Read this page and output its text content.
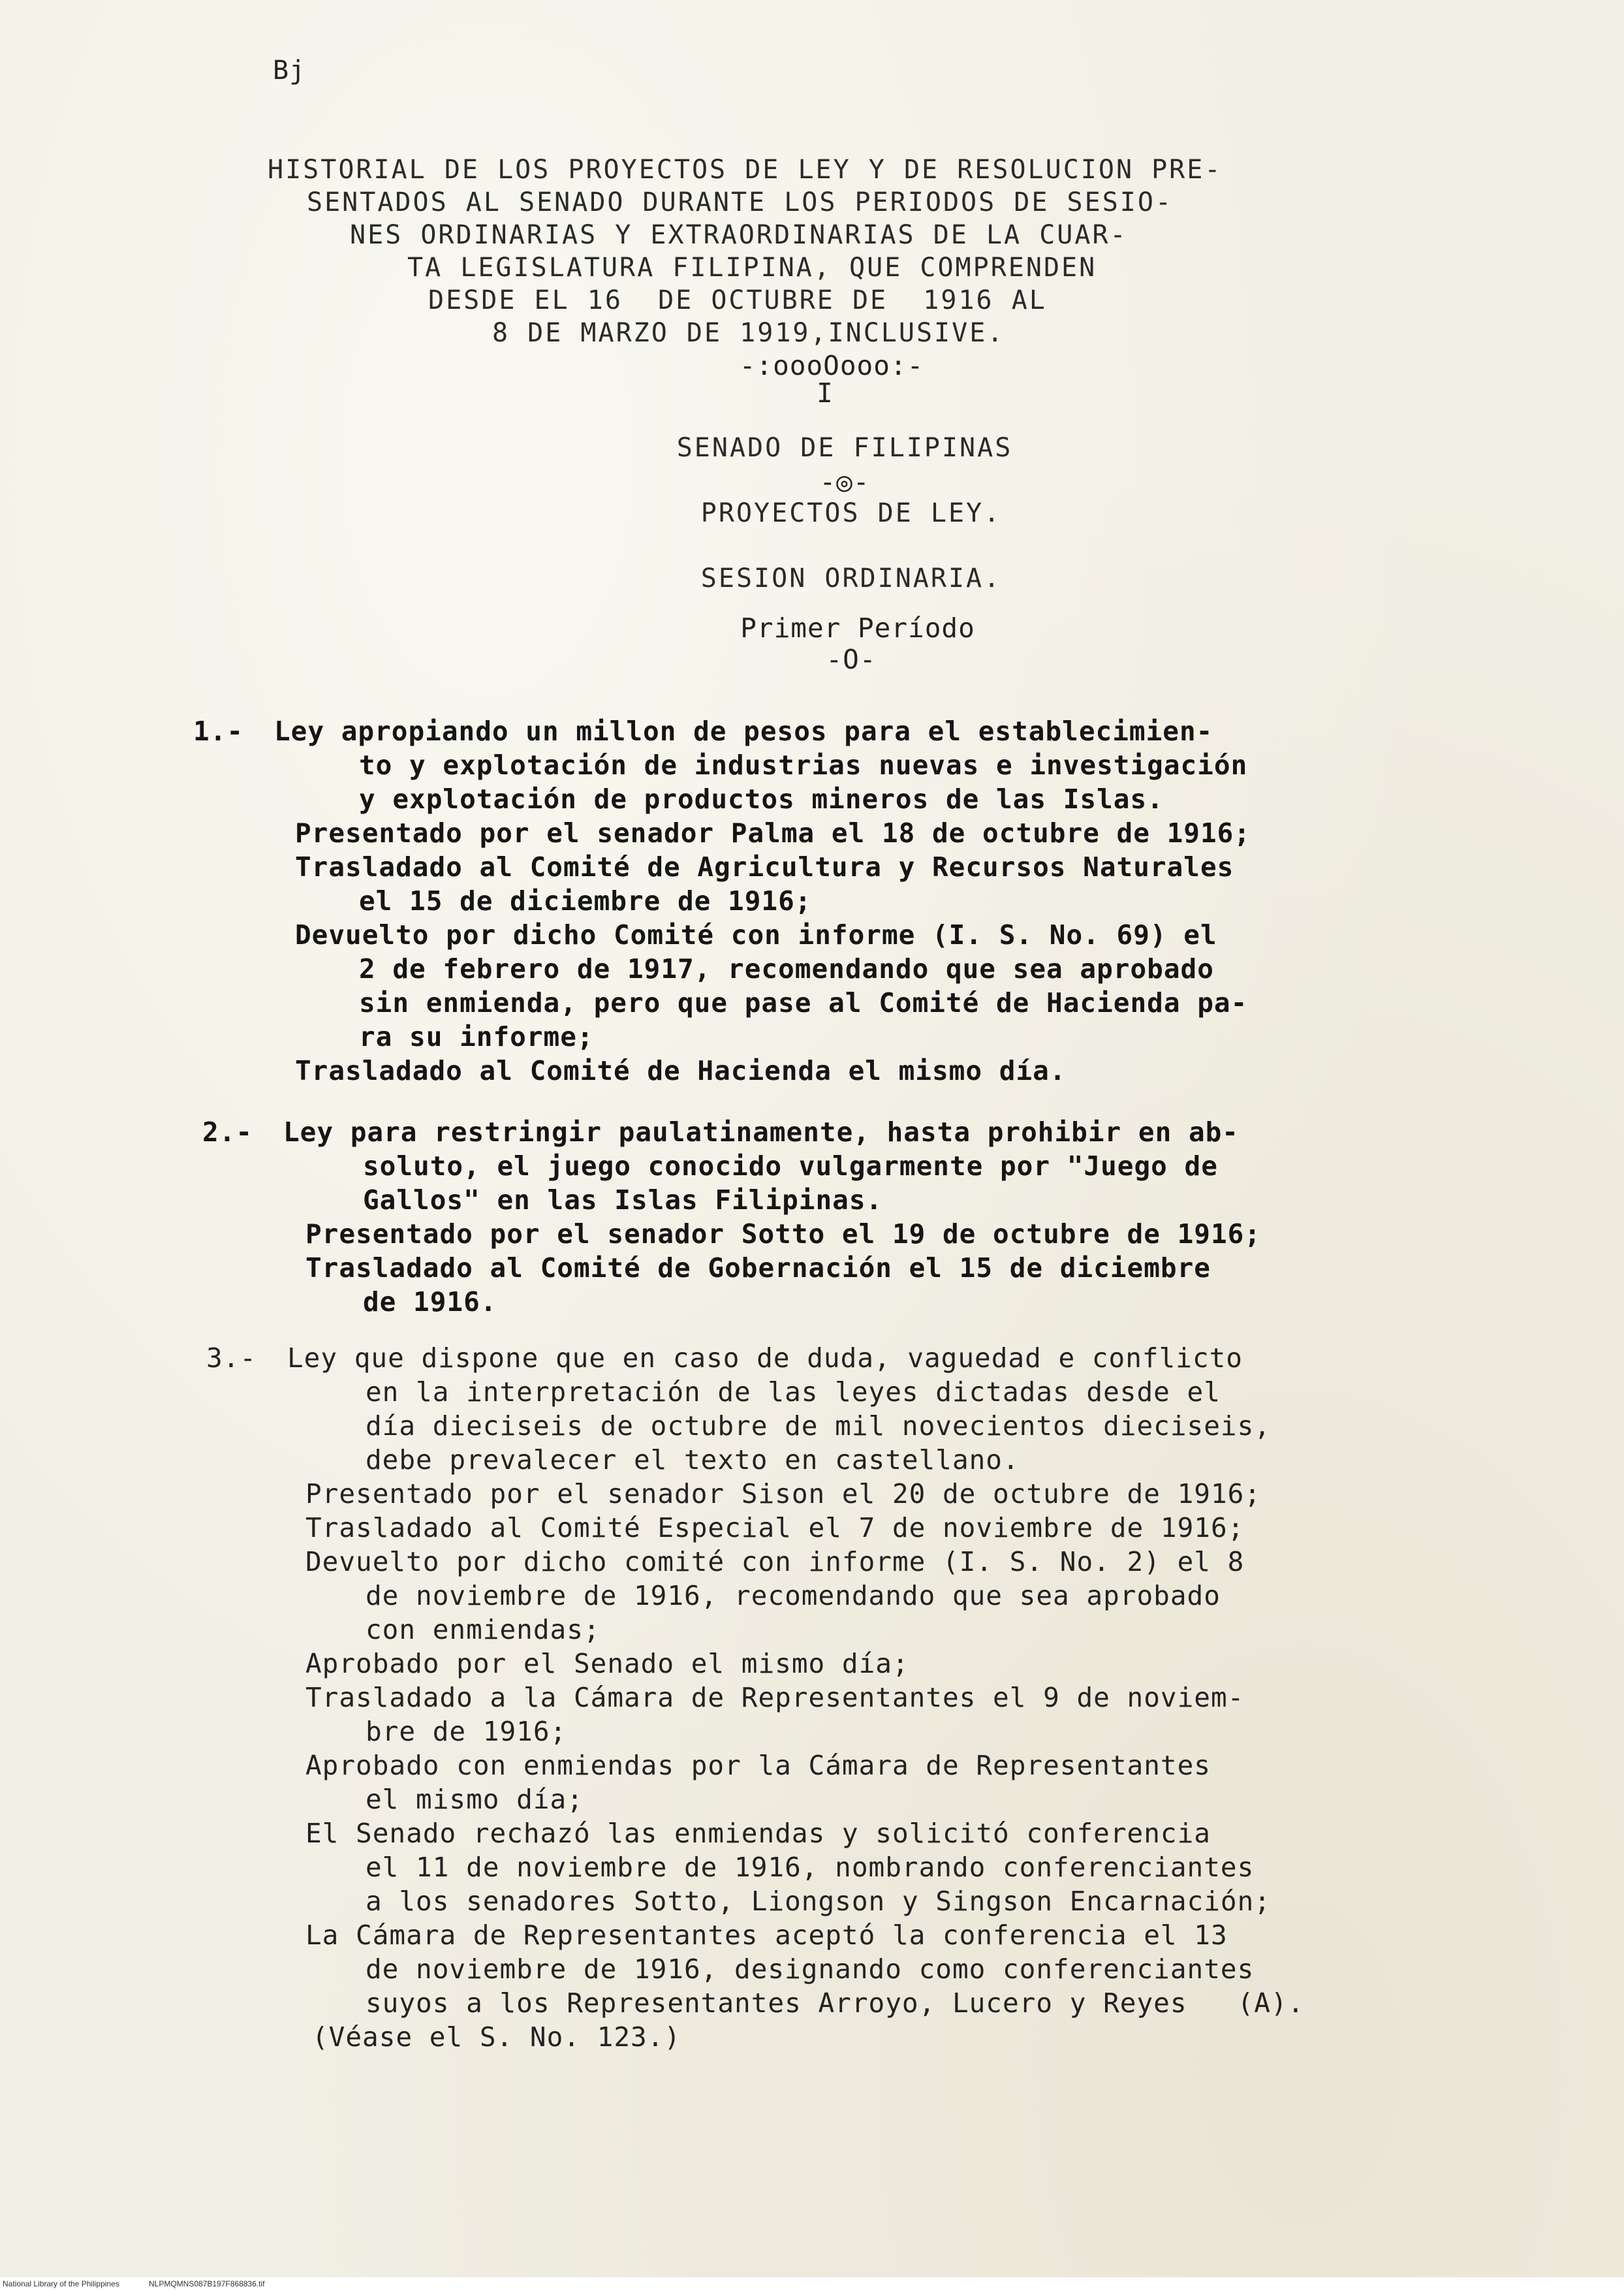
Bj
HISTORIAL DE LOS PROYECTOS DE LEY Y DE RESOLUCION PRE-
SENTADOS AL SENADO DURANTE LOS PERIODOS DE SESIO-
NES ORDINARIAS Y EXTRAORDINARIAS DE LA CUAR-
TA LEGISLATURA FILIPINA, QUE COMPRENDEN
DESDE EL 16  DE OCTUBRE DE  1916 AL
8 DE MARZO DE 1919,INCLUSIVE.
-:oooOooo:-
I
SENADO DE FILIPINAS
-◎-
PROYECTOS DE LEY.
SESION ORDINARIA.
Primer Período
-O-
1.- Ley apropiando un millon de pesos para el establecimien-
to y explotación de industrias nuevas e investigación
y explotación de productos mineros de las Islas.
Presentado por el senador Palma el 18 de octubre de 1916;
Trasladado al Comité de Agricultura y Recursos Naturales
el 15 de diciembre de 1916;
Devuelto por dicho Comité con informe (I. S. No. 69) el
2 de febrero de 1917, recomendando que sea aprobado
sin enmienda, pero que pase al Comité de Hacienda pa-
ra su informe;
Trasladado al Comité de Hacienda el mismo día.
2.- Ley para restringir paulatinamente, hasta prohibir en ab-
soluto, el juego conocido vulgarmente por "Juego de
Gallos" en las Islas Filipinas.
Presentado por el senador Sotto el 19 de octubre de 1916;
Trasladado al Comité de Gobernación el 15 de diciembre
de 1916.
3.- Ley que dispone que en caso de duda, vaguedad e conflicto
en la interpretación de las leyes dictadas desde el
día dieciseis de octubre de mil novecientos dieciseis,
debe prevalecer el texto en castellano.
Presentado por el senador Sison el 20 de octubre de 1916;
Trasladado al Comité Especial el 7 de noviembre de 1916;
Devuelto por dicho comité con informe (I. S. No. 2) el 8
de noviembre de 1916, recomendando que sea aprobado
con enmiendas;
Aprobado por el Senado el mismo día;
Trasladado a la Cámara de Representantes el 9 de noviem-
bre de 1916;
Aprobado con enmiendas por la Cámara de Representantes
el mismo día;
El Senado rechazó las enmiendas y solicitó conferencia
el 11 de noviembre de 1916, nombrando conferenciantes
a los senadores Sotto, Liongson y Singson Encarnación;
La Cámara de Representantes aceptó la conferencia el 13
de noviembre de 1916, designando como conferenciantes
suyos a los Representantes Arroyo, Lucero y Reyes   (A).
(Véase el S. No. 123.)
National Library of the Philippines	NLPMQMNS087B197F868836.tif
